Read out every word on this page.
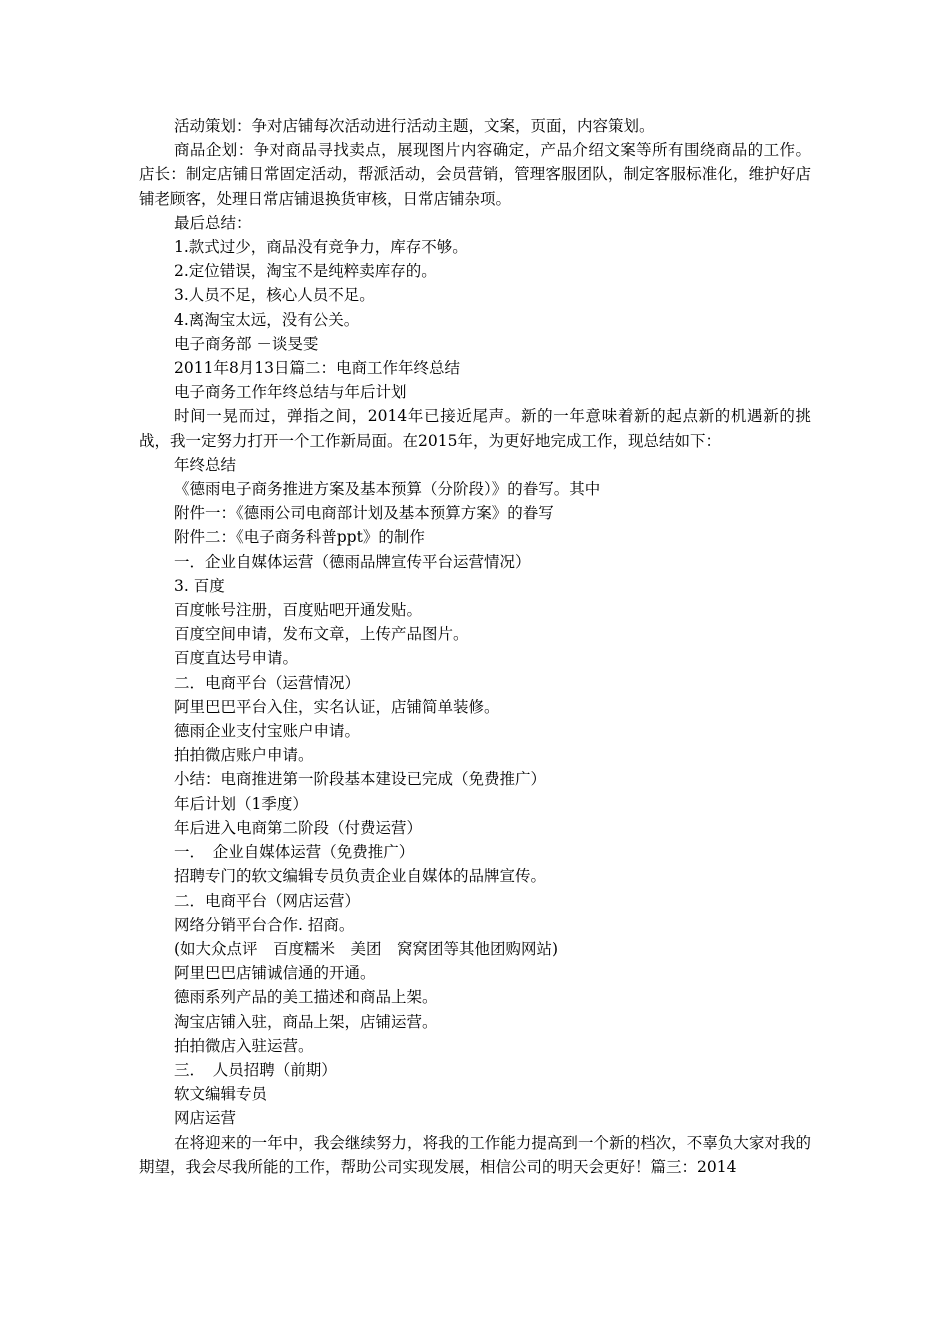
活动策划：争对店铺每次活动进行活动主题，文案，页面，内容策划。

商品企划：争对商品寻找卖点，展现图片内容确定，产品介绍文案等所有围绕商品的工作。 店长：制定店铺日常固定活动，帮派活动，会员营销，管理客服团队，制定客服标准化，维护好店铺老顾客，处理日常店铺退换货审核，日常店铺杂项。

最后总结：

1.款式过少，商品没有竞争力，库存不够。

2.定位错误，淘宝不是纯粹卖库存的。

3.人员不足，核心人员不足。

4.离淘宝太远，没有公关。

电子商务部 －谈旻雯

2011年8月13日篇二：电商工作年终总结

电子商务工作年终总结与年后计划

时间一晃而过，弹指之间，2014年已接近尾声。新的一年意味着新的起点新的机遇新的挑战，我一定努力打开一个工作新局面。在2015年，为更好地完成工作，现总结如下：

年终总结

《德雨电子商务推进方案及基本预算（分阶段）》的眷写。其中

附件一：《德雨公司电商部计划及基本预算方案》的眷写

附件二：《电子商务科普ppt》的制作

一．企业自媒体运营（德雨品牌宣传平台运营情况）

3. 百度

百度帐号注册，百度贴吧开通发贴。

百度空间申请，发布文章，上传产品图片。

百度直达号申请。

二．电商平台（运营情况）

阿里巴巴平台入住，实名认证，店铺简单装修。

德雨企业支付宝账户申请。

拍拍微店账户申请。

小结：电商推进第一阶段基本建设已完成（免费推广）

年后计划（1季度）

年后进入电商第二阶段（付费运营）

一．　企业自媒体运营（免费推广）

招聘专门的软文编辑专员负责企业自媒体的品牌宣传。

二．电商平台（网店运营）

网络分销平台合作. 招商。

(如大众点评　百度糯米　美团　窝窝团等其他团购网站)

阿里巴巴店铺诚信通的开通。

德雨系列产品的美工描述和商品上架。

淘宝店铺入驻，商品上架，店铺运营。

拍拍微店入驻运营。

三．　人员招聘（前期）

软文编辑专员

网店运营

在将迎来的一年中，我会继续努力，将我的工作能力提高到一个新的档次，不辜负大家对我的期望，我会尽我所能的工作，帮助公司实现发展，相信公司的明天会更好！篇三：2014
